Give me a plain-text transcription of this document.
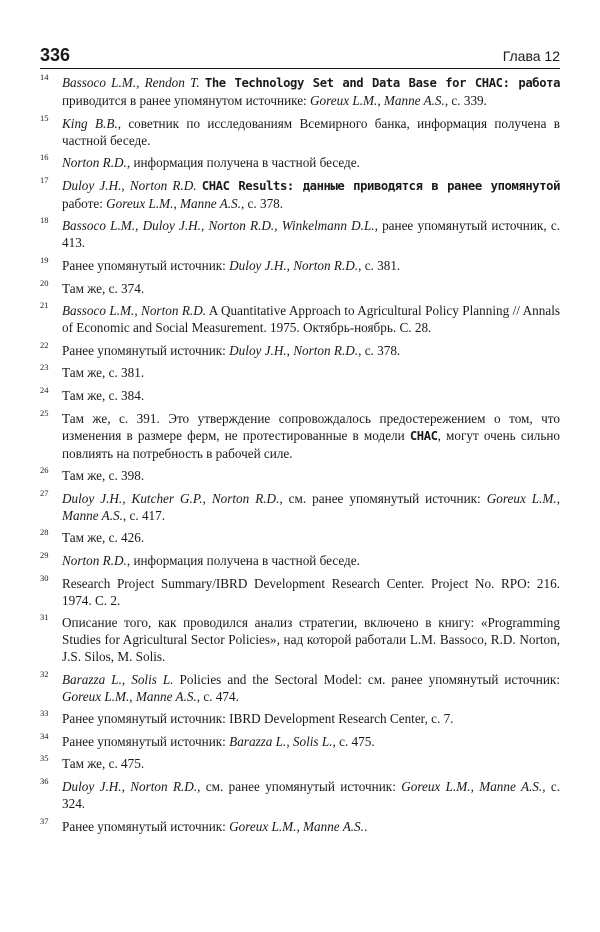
336	Глава 12
14 Bassoco L.M., Rendon T. The Technology Set and Data Base for CHAC: работa приводится в ранее упомянутом источнике: Goreux L.M., Manne A.S., с. 339.
15 King B.B., советник по исследованиям Всемирного банка, информация получена в частной беседе.
16 Norton R.D., информация получена в частной беседе.
17 Duloy J.H., Norton R.D. CHAC Results: данные приводятся в ранее упомянутой работе: Goreux L.M., Manne A.S., с. 378.
18 Bassoco L.M., Duloy J.H., Norton R.D., Winkelmann D.L., ранее упомянутый источник, с. 413.
19 Ранее упомянутый источник: Duloy J.H., Norton R.D., с. 381.
20 Там же, с. 374.
21 Bassoco L.M., Norton R.D. A Quantitative Approach to Agricultural Policy Planning // Annals of Economic and Social Measurement. 1975. Октябрь-ноябрь. С. 28.
22 Ранее упомянутый источник: Duloy J.H., Norton R.D., с. 378.
23 Там же, с. 381.
24 Там же, с. 384.
25 Там же, с. 391. Это утверждение сопровождалось предостережением о том, что изменения в размере ферм, не протестированные в модели CHAC, могут очень сильно повлиять на потребность в рабочей силе.
26 Там же, с. 398.
27 Duloy J.H., Kutcher G.P., Norton R.D., см. ранее упомянутый источник: Goreux L.M., Manne A.S., с. 417.
28 Там же, с. 426.
29 Norton R.D., информация получена в частной беседе.
30 Research Project Summary/IBRD Development Research Center. Project No. RPO: 216. 1974. С. 2.
31 Описание того, как проводился анализ стратегии, включено в книгу: «Programming Studies for Agricultural Sector Policies», над которой работали L.M. Bassoco, R.D. Norton, J.S. Silos, M. Solis.
32 Barazza L., Solis L. Policies and the Sectoral Model: см. ранее упомянутый источник: Goreux L.M., Manne A.S., с. 474.
33 Ранее упомянутый источник: IBRD Development Research Center, с. 7.
34 Ранее упомянутый источник: Barazza L., Solis L., с. 475.
35 Там же, с. 475.
36 Duloy J.H., Norton R.D., см. ранее упомянутый источник: Goreux L.M., Manne A.S., с. 324.
37 Ранее упомянутый источник: Goreux L.M., Manne A.S..
